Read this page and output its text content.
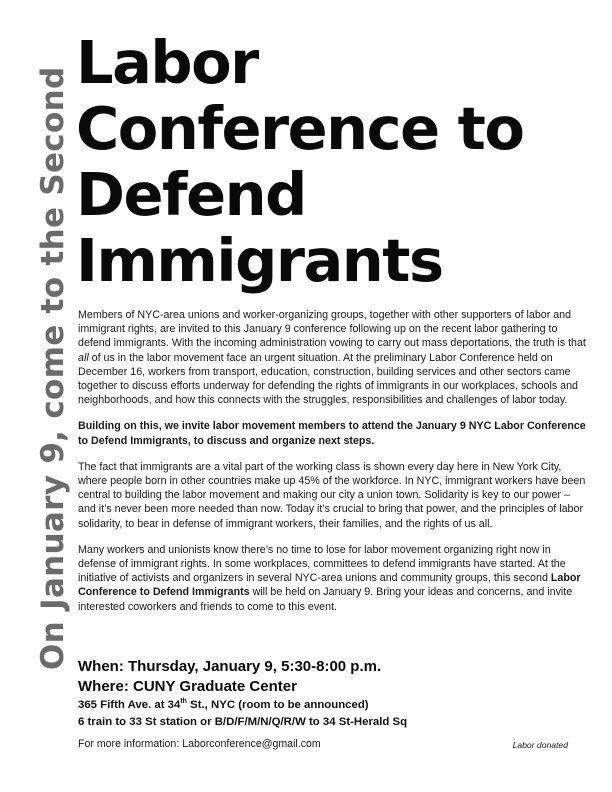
On January 9, come to the Second
Labor
Conference to
Defend
Immigrants

Members of NYC-area unions and worker-organizing groups, together with other supporters of labor and immigrant rights, are invited to this January 9 conference following up on the recent labor gathering to defend immigrants. With the incoming administration vowing to carry out mass deportations, the truth is that all of us in the labor movement face an urgent situation. At the preliminary Labor Conference held on December 16, workers from transport, education, construction, building services and other sectors came together to discuss efforts underway for defending the rights of immigrants in our workplaces, schools and neighborhoods, and how this connects with the struggles, responsibilities and challenges of labor today.

Building on this, we invite labor movement members to attend the January 9 NYC Labor Conference to Defend Immigrants, to discuss and organize next steps.

The fact that immigrants are a vital part of the working class is shown every day here in New York City, where people born in other countries make up 45% of the workforce. In NYC, immigrant workers have been central to building the labor movement and making our city a union town. Solidarity is key to our power – and it’s never been more needed than now. Today it’s crucial to bring that power, and the principles of labor solidarity, to bear in defense of immigrant workers, their families, and the rights of us all.

Many workers and unionists know there’s no time to lose for labor movement organizing right now in defense of immigrant rights. In some workplaces, committees to defend immigrants have started. At the initiative of activists and organizers in several NYC-area unions and community groups, this second Labor Conference to Defend Immigrants will be held on January 9. Bring your ideas and concerns, and invite interested coworkers and friends to come to this event.

When: Thursday, January 9, 5:30-8:00 p.m.
Where: CUNY Graduate Center
365 Fifth Ave. at 34th St., NYC (room to be announced)
6 train to 33 St station or B/D/F/M/N/Q/R/W to 34 St-Herald Sq
For more information: Laborconference@gmail.com	Labor donated
